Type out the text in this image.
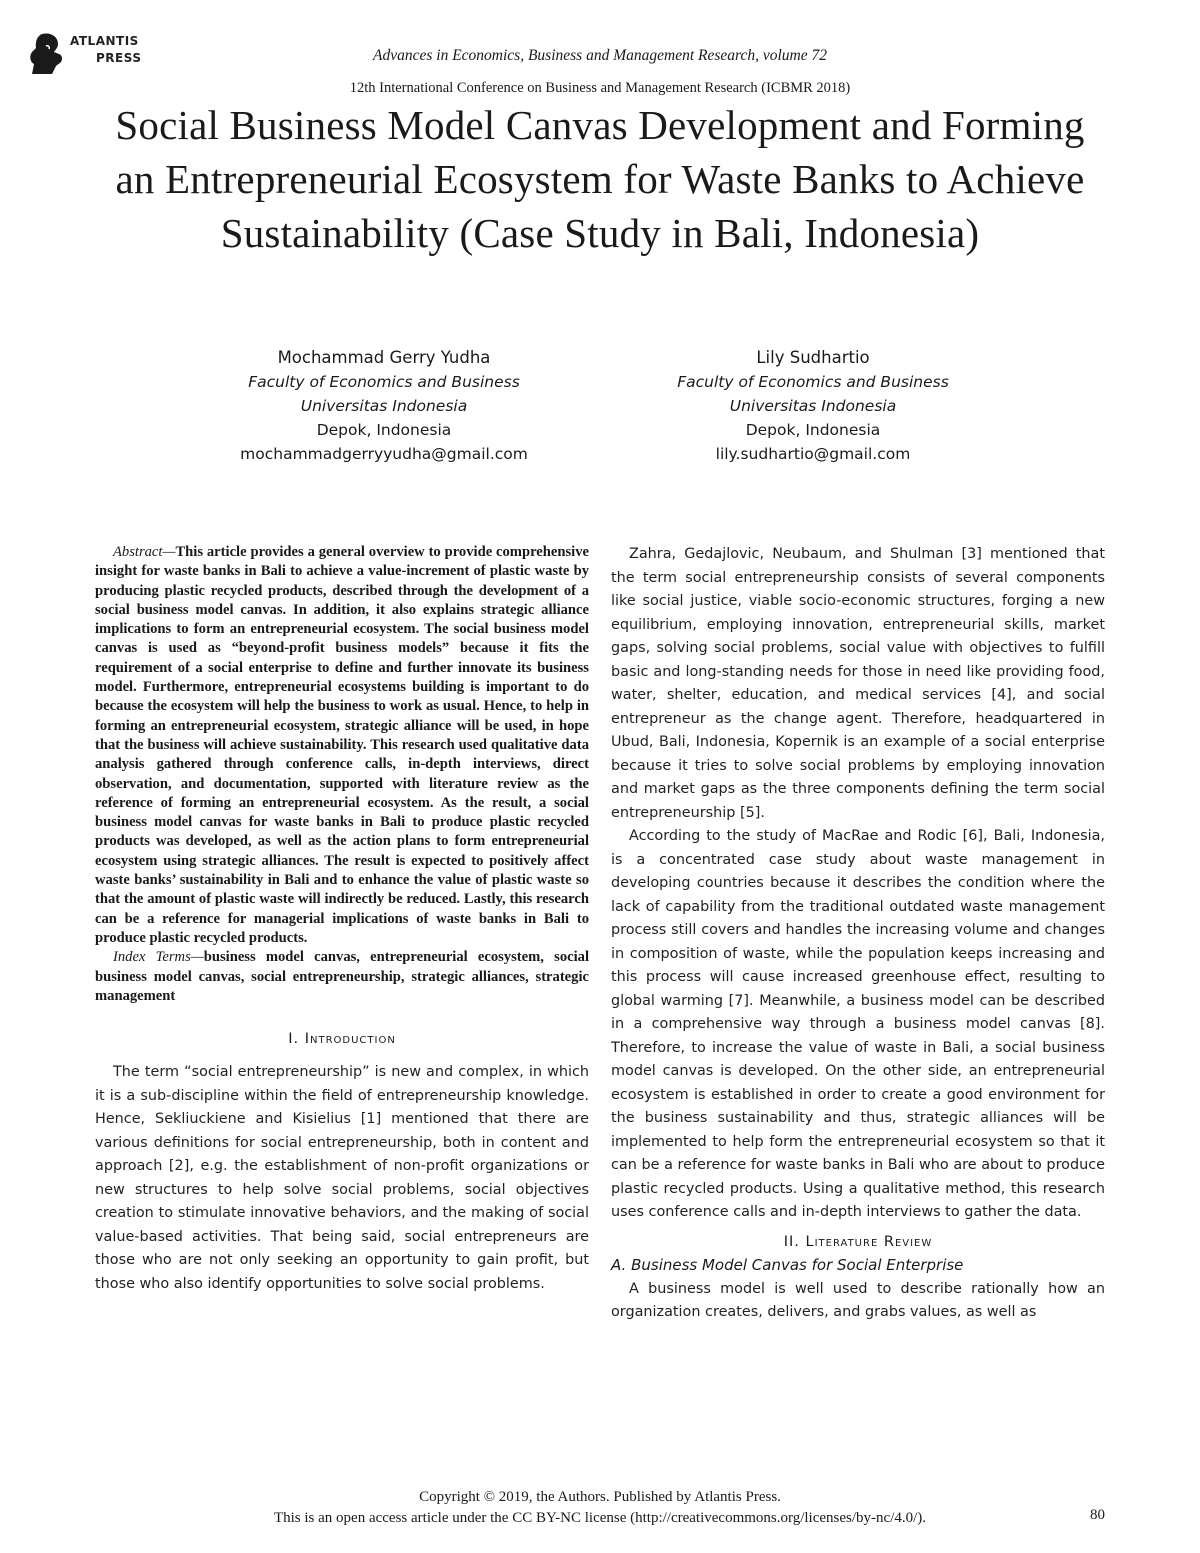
ATLANTIS
PRESS	Advances in Economics, Business and Management Research, volume 72
12th International Conference on Business and Management Research (ICBMR 2018)
Social Business Model Canvas Development and Forming an Entrepreneurial Ecosystem for Waste Banks to Achieve Sustainability (Case Study in Bali, Indonesia)
Mochammad Gerry Yudha
Faculty of Economics and Business
Universitas Indonesia
Depok, Indonesia
mochammadgerryyudha@gmail.com
Lily Sudhartio
Faculty of Economics and Business
Universitas Indonesia
Depok, Indonesia
lily.sudhartio@gmail.com

Abstract—This article provides a general overview to provide comprehensive insight for waste banks in Bali to achieve a value-increment of plastic waste by producing plastic recycled products, described through the development of a social business model canvas. In addition, it also explains strategic alliance implications to form an entrepreneurial ecosystem. The social business model canvas is used as “beyond-profit business models” because it fits the requirement of a social enterprise to define and further innovate its business model. Furthermore, entrepreneurial ecosystems building is important to do because the ecosystem will help the business to work as usual. Hence, to help in forming an entrepreneurial ecosystem, strategic alliance will be used, in hope that the business will achieve sustainability. This research used qualitative data analysis gathered through conference calls, in-depth interviews, direct observation, and documentation, supported with literature review as the reference of forming an entrepreneurial ecosystem. As the result, a social business model canvas for waste banks in Bali to produce plastic recycled products was developed, as well as the action plans to form entrepreneurial ecosystem using strategic alliances. The result is expected to positively affect waste banks’ sustainability in Bali and to enhance the value of plastic waste so that the amount of plastic waste will indirectly be reduced. Lastly, this research can be a reference for managerial implications of waste banks in Bali to produce plastic recycled products.

Index Terms—business model canvas, entrepreneurial ecosystem, social business model canvas, social entrepreneurship, strategic alliances, strategic management

I. Introduction

The term “social entrepreneurship” is new and complex, in which it is a sub-discipline within the field of entrepreneurship knowledge. Hence, Sekliuckiene and Kisielius [1] mentioned that there are various definitions for social entrepreneurship, both in content and approach [2], e.g. the establishment of non-profit organizations or new structures to help solve social problems, social objectives creation to stimulate innovative behaviors, and the making of social value-based activities. That being said, social entrepreneurs are those who are not only seeking an opportunity to gain profit, but those who also identify opportunities to solve social problems.

Zahra, Gedajlovic, Neubaum, and Shulman [3] mentioned that the term social entrepreneurship consists of several components like social justice, viable socio-economic structures, forging a new equilibrium, employing innovation, entrepreneurial skills, market gaps, solving social problems, social value with objectives to fulfill basic and long-standing needs for those in need like providing food, water, shelter, education, and medical services [4], and social entrepreneur as the change agent. Therefore, headquartered in Ubud, Bali, Indonesia, Kopernik is an example of a social enterprise because it tries to solve social problems by employing innovation and market gaps as the three components defining the term social entrepreneurship [5].

According to the study of MacRae and Rodic [6], Bali, Indonesia, is a concentrated case study about waste management in developing countries because it describes the condition where the lack of capability from the traditional outdated waste management process still covers and handles the increasing volume and changes in composition of waste, while the population keeps increasing and this process will cause increased greenhouse effect, resulting to global warming [7]. Meanwhile, a business model can be described in a comprehensive way through a business model canvas [8]. Therefore, to increase the value of waste in Bali, a social business model canvas is developed. On the other side, an entrepreneurial ecosystem is established in order to create a good environment for the business sustainability and thus, strategic alliances will be implemented to help form the entrepreneurial ecosystem so that it can be a reference for waste banks in Bali who are about to produce plastic recycled products. Using a qualitative method, this research uses conference calls and in-depth interviews to gather the data.

II. Literature Review
A. Business Model Canvas for Social Enterprise

A business model is well used to describe rationally how an organization creates, delivers, and grabs values, as well as

Copyright © 2019, the Authors. Published by Atlantis Press.
This is an open access article under the CC BY-NC license (http://creativecommons.org/licenses/by-nc/4.0/).	80
